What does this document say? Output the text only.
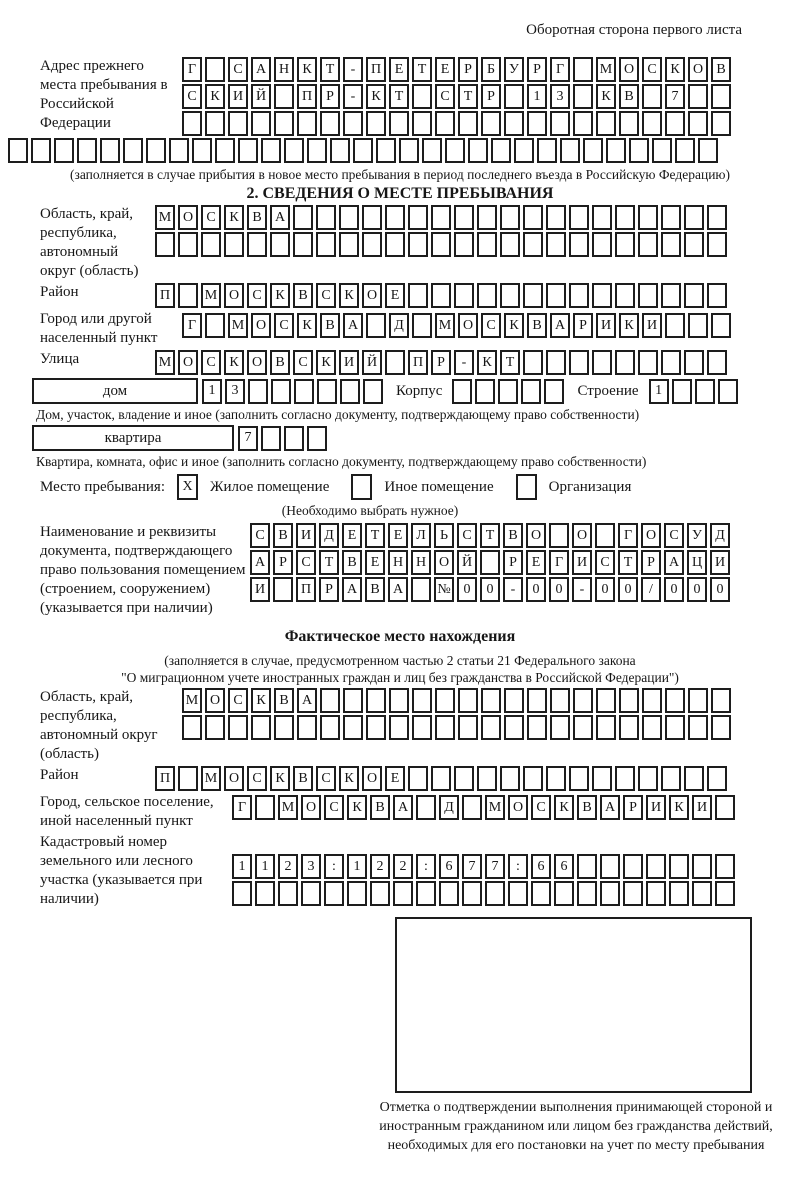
Оборотная сторона первого листа
Адрес прежнего места пребывания в Российской Федерации
Г	С А Н К	Т	-	П Е	Т	Е	Р	Б	У	Р	Г	М О С К О В
С К И Й	П	Р	-	К	Т	С	Т	Р	1	3	К В	7
(заполняется в случае прибытия в новое место пребывания в период последнего въезда в Российскую Федерацию)
2. СВЕДЕНИЯ О МЕСТЕ ПРЕБЫВАНИЯ
Область, край, республика, автономный округ (область)
М О С К В А
Район	П	М О С К В С К О Е
Город или другой населенный пункт
Г	М О С К В А	Д	М О С К В А	Р	И К И
Улица	М О С К О В С К И Й	П	Р	-	К	Т
дом	1	3	Корпус	Строение	1
Дом, участок, владение и иное (заполнить согласно документу, подтверждающему право собственности)
квартира	7
Квартира, комната, офис и иное (заполнить согласно документу, подтверждающему право собственности)
Место пребывания:	X	Жилое помещение	Иное помещение	Организация
(Необходимо выбрать нужное)
Наименование и реквизиты документа, подтверждающего право пользования помещением (строением, сооружением) (указывается при наличии)
С В И Д Е	Т	Е Л	Ь	С	Т	В О	О	Г О С У Д
А	Р	С	Т	В	Е Н Н О Й	Р	Е	Г И С	Т	Р	А Ц И
И	П	Р	А В А	№ 0	0	-	0	0	-	0	0	/	0	0	0
Фактическое место нахождения
(заполняется в случае, предусмотренном частью 2 статьи 21 Федерального закона
"О миграционном учете иностранных граждан и лиц без гражданства в Российской Федерации")
Область, край, республика, автономный округ (область)
М О С К В А
Район	П	М О С К В С К О Е
Город, сельское поселение, иной населенный пункт
Г	М О С К В А	Д	М О С К В А	Р	И К И
Кадастровый номер земельного или лесного участка (указывается при наличии)
1	1	2	3	:	1	2	2	:	6	7	7	:	6	6
Отметка о подтверждении выполнения принимающей стороной и иностранным гражданином или лицом без гражданства действий, необходимых для его постановки на учет по месту пребывания
